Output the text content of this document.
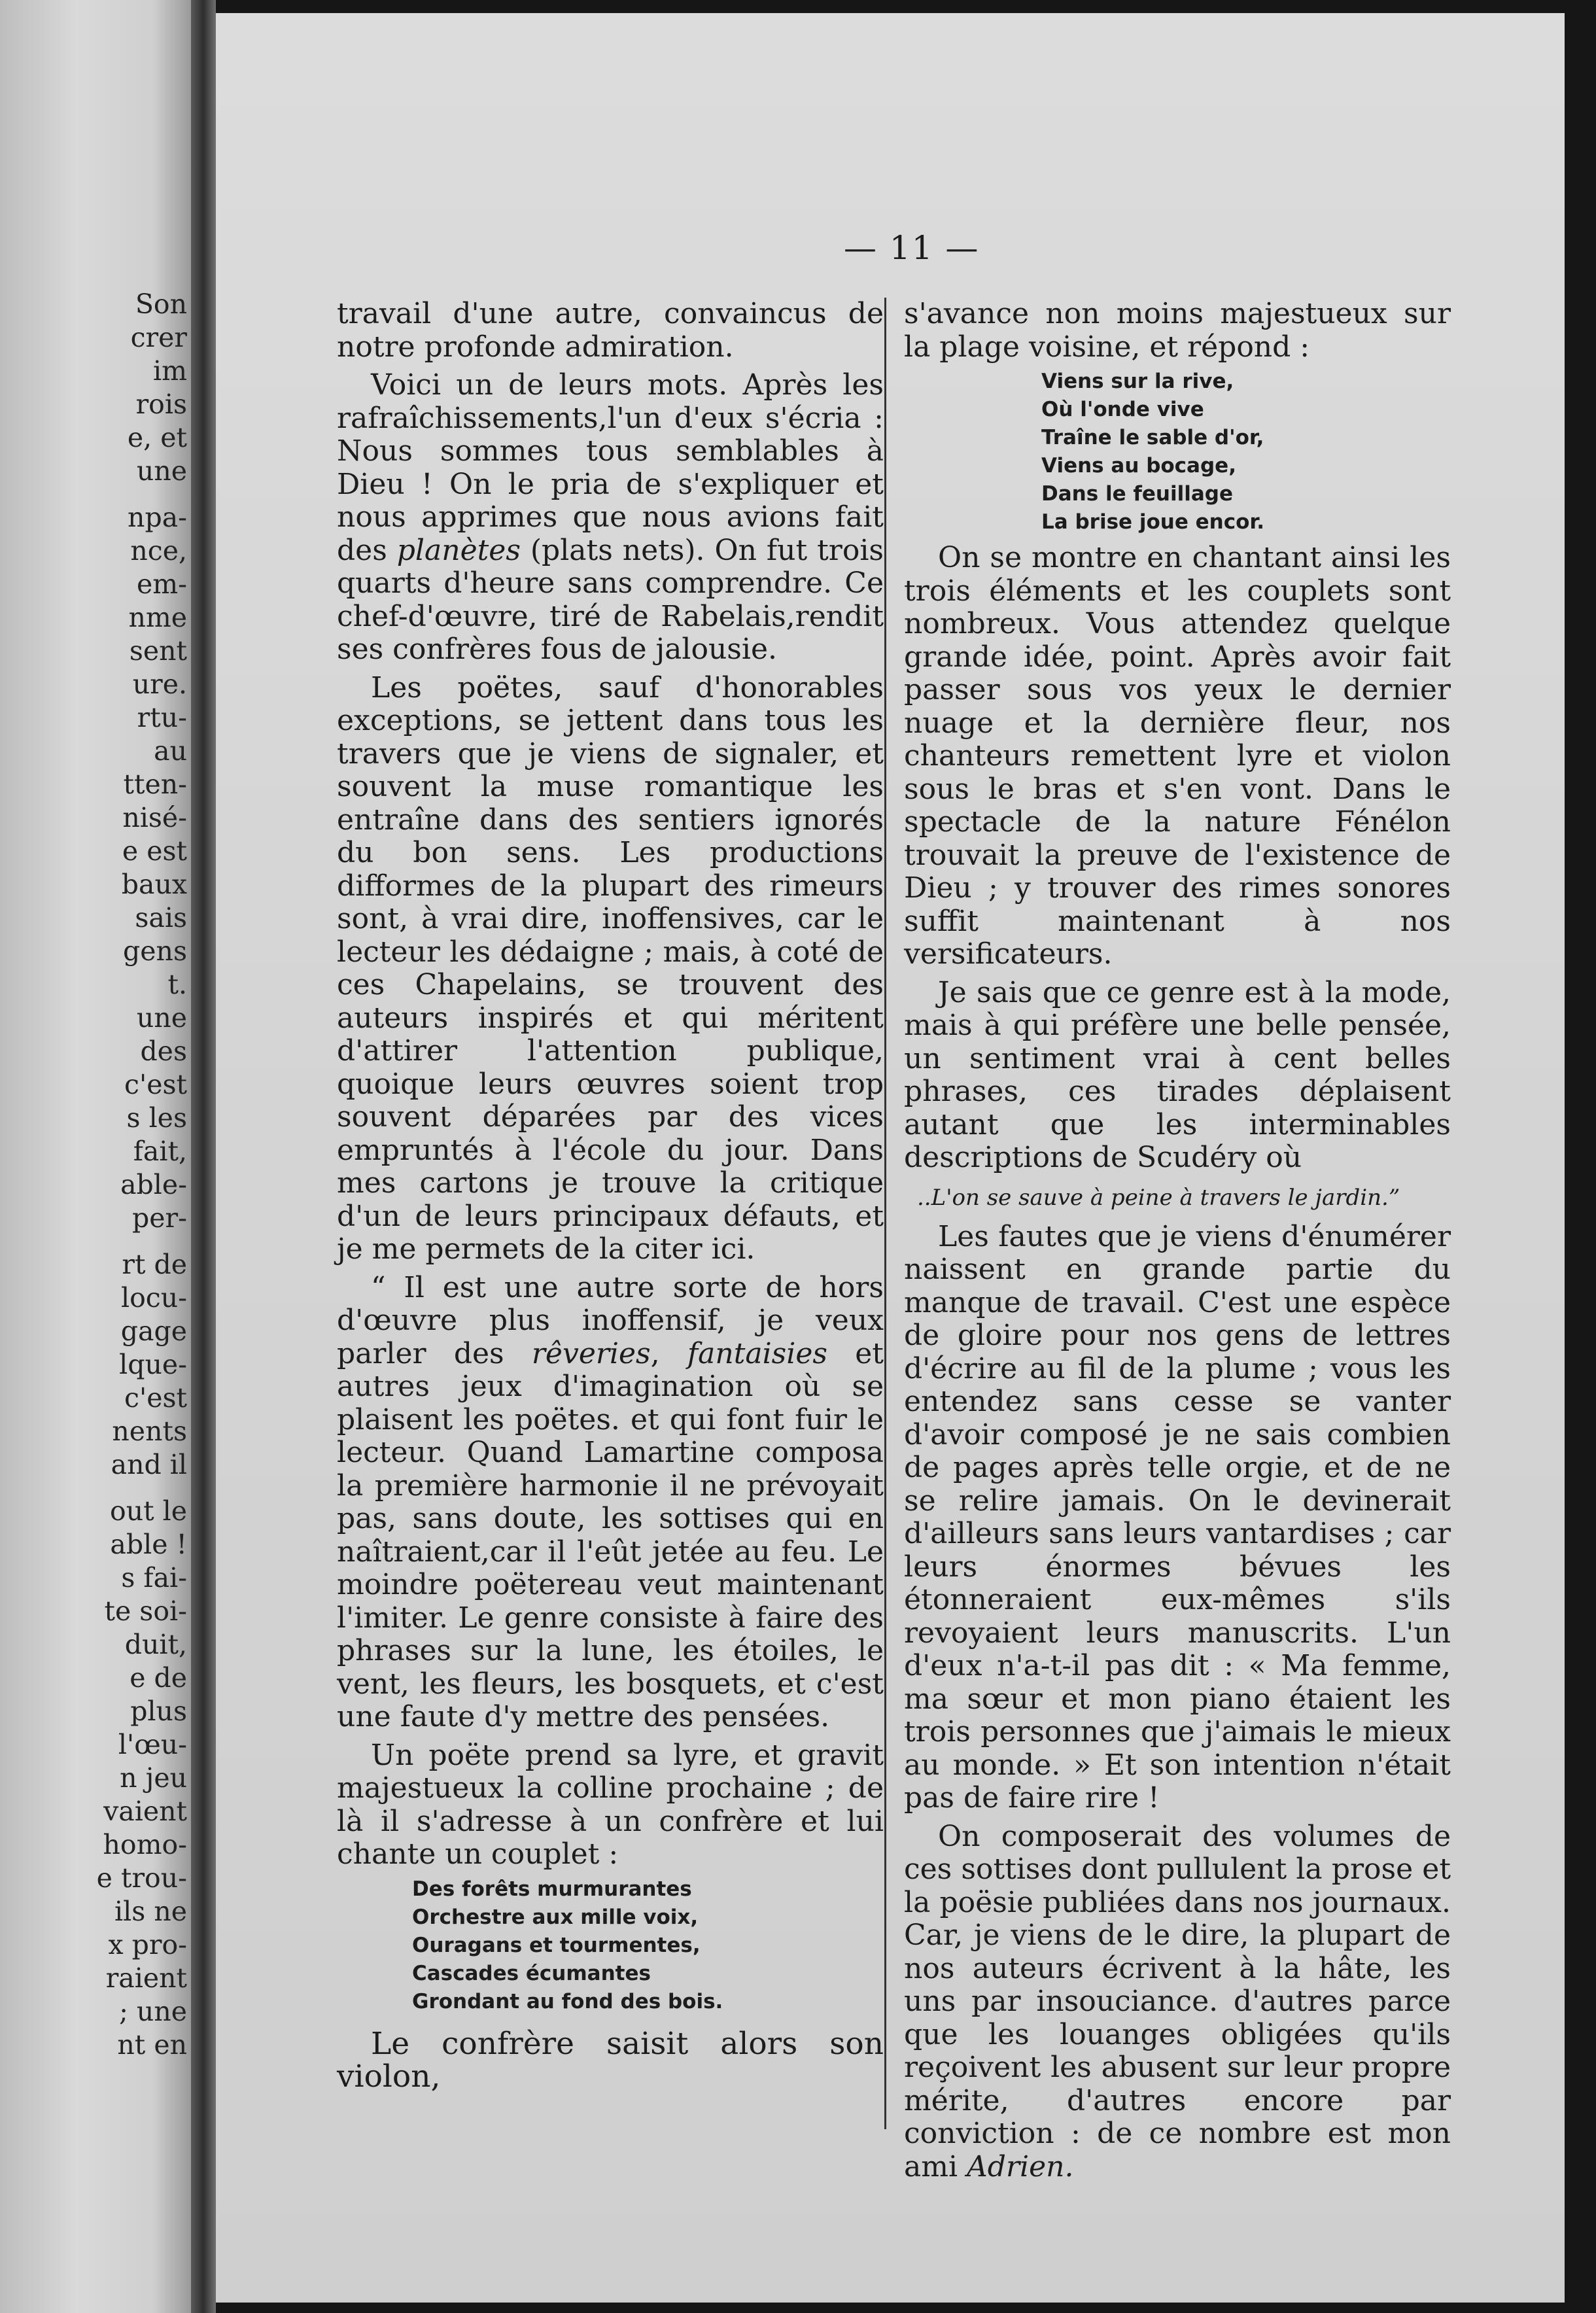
Son
crer
im
rois
e, et
une
npa-
nce,
em-
nme
sent
ure.
rtu-
au
tten-
nisé-
e est
baux
sais
gens
t.
une
des
c'est
s les
fait,
able-
per-
rt de
locu-
gage
lque-
c'est
nents
and il
out le
able !
s fai-
te soi-
duit,
e de
plus
l'œu-
n jeu
vaient
homo-
e trou-
ils ne
x pro-
raient
; une
nt en
— 11 —

travail d'une autre, convaincus de notre profonde admiration.

Voici un de leurs mots. Après les rafraîchissements,l'un d'eux s'écria : Nous sommes tous semblables à Dieu ! On le pria de s'expliquer et nous apprimes que nous avions fait des planètes (plats nets). On fut trois quarts d'heure sans comprendre. Ce chef-d'œuvre, tiré de Rabelais,rendit ses confrères fous de jalousie.

Les poëtes, sauf d'honorables exceptions, se jettent dans tous les travers que je viens de signaler, et souvent la muse romantique les entraîne dans des sentiers ignorés du bon sens. Les productions difformes de la plupart des rimeurs sont, à vrai dire, inoffensives, car le lecteur les dédaigne ; mais, à coté de ces Chapelains, se trouvent des auteurs inspirés et qui méritent d'attirer l'attention publique, quoique leurs œuvres soient trop souvent déparées par des vices empruntés à l'école du jour. Dans mes cartons je trouve la critique d'un de leurs principaux défauts, et je me permets de la citer ici.

“ Il est une autre sorte de hors d'œuvre plus inoffensif, je veux parler des rêveries, fantaisies et autres jeux d'imagination où se plaisent les poëtes. et qui font fuir le lecteur. Quand Lamartine composa la première harmonie il ne prévoyait pas, sans doute, les sottises qui en naîtraient,car il l'eût jetée au feu. Le moindre poëtereau veut maintenant l'imiter. Le genre consiste à faire des phrases sur la lune, les étoiles, le vent, les fleurs, les bosquets, et c'est une faute d'y mettre des pensées.

Un poëte prend sa lyre, et gravit majestueux la colline prochaine ; de là il s'adresse à un confrère et lui chante un couplet :

Des forêts murmurantes
Orchestre aux mille voix,
Ouragans et tourmentes,
Cascades écumantes
Grondant au fond des bois.

Le confrère saisit alors son violon,

s'avance non moins majestueux sur la plage voisine, et répond :

Viens sur la rive,
Où l'onde vive
Traîne le sable d'or,
Viens au bocage,
Dans le feuillage
La brise joue encor.

On se montre en chantant ainsi les trois éléments et les couplets sont nombreux. Vous attendez quelque grande idée, point. Après avoir fait passer sous vos yeux le dernier nuage et la dernière fleur, nos chanteurs remettent lyre et violon sous le bras et s'en vont. Dans le spectacle de la nature Fénélon trouvait la preuve de l'existence de Dieu ; y trouver des rimes sonores suffit maintenant à nos versificateurs.

Je sais que ce genre est à la mode, mais à qui préfère une belle pensée, un sentiment vrai à cent belles phrases, ces tirades déplaisent autant que les interminables descriptions de Scudéry où

..L'on se sauve à peine à travers le jardin.”

Les fautes que je viens d'énumérer naissent en grande partie du manque de travail. C'est une espèce de gloire pour nos gens de lettres d'écrire au fil de la plume ; vous les entendez sans cesse se vanter d'avoir composé je ne sais combien de pages après telle orgie, et de ne se relire jamais. On le devinerait d'ailleurs sans leurs vantardises ; car leurs énormes bévues les étonneraient eux-mêmes s'ils revoyaient leurs manuscrits. L'un d'eux n'a-t-il pas dit : « Ma femme, ma sœur et mon piano étaient les trois personnes que j'aimais le mieux au monde. » Et son intention n'était pas de faire rire !

On composerait des volumes de ces sottises dont pullulent la prose et la poësie publiées dans nos journaux. Car, je viens de le dire, la plupart de nos auteurs écrivent à la hâte, les uns par insouciance. d'autres parce que les louanges obligées qu'ils reçoivent les abusent sur leur propre mérite, d'autres encore par conviction : de ce nombre est mon ami Adrien.
